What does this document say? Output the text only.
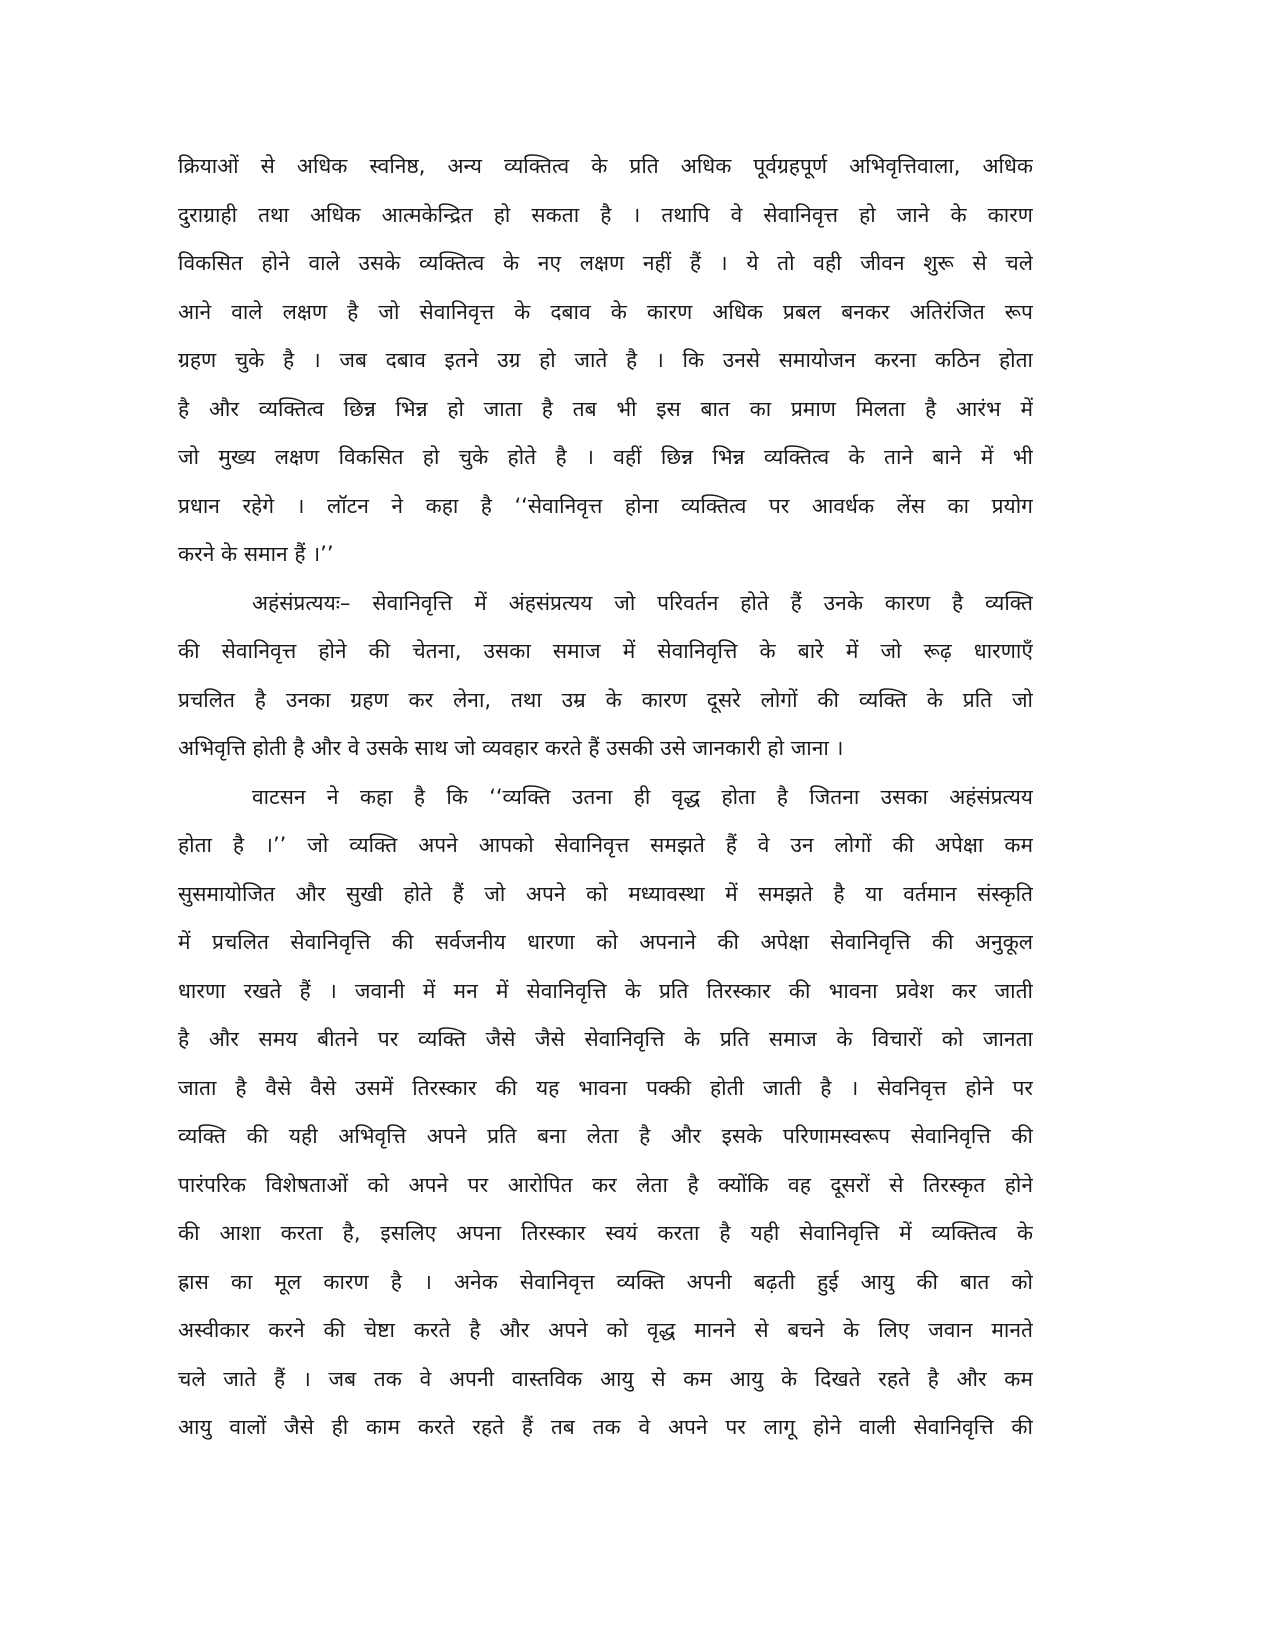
क्रियाओं से अधिक स्वनिष्ठ, अन्य व्यक्तित्व के प्रति अधिक पूर्वग्रहपूर्ण अभिवृत्तिवाला, अधिक
दुराग्राही तथा अधिक आत्मकेन्द्रित हो सकता है । तथापि वे सेवानिवृत्त हो जाने के कारण
विकसित होने वाले उसके व्यक्तित्व के नए लक्षण नहीं हैं । ये तो वही जीवन शुरू से चले
आने वाले लक्षण है जो सेवानिवृत्त के दबाव के कारण अधिक प्रबल बनकर अतिरंजित रूप
ग्रहण चुके है । जब दबाव इतने उग्र हो जाते है । कि उनसे समायोजन करना कठिन होता
है और व्यक्तित्व छिन्न भिन्न हो जाता है तब भी इस बात का प्रमाण मिलता है आरंभ में
जो मुख्य लक्षण विकसित हो चुके होते है । वहीं छिन्न भिन्न व्यक्तित्व के ताने बाने में भी
प्रधान रहेगे । लॉटन ने कहा है ‘‘सेवानिवृत्त होना व्यक्तित्व पर आवर्धक लेंस का प्रयोग
करने के समान हैं ।’’
अहंसंप्रत्ययः– सेवानिवृत्ति में अंहसंप्रत्यय जो परिवर्तन होते हैं उनके कारण है व्यक्ति
की सेवानिवृत्त होने की चेतना, उसका समाज में सेवानिवृत्ति के बारे में जो रूढ़ धारणाएँ
प्रचलित है उनका ग्रहण कर लेना, तथा उम्र के कारण दूसरे लोगों की व्यक्ति के प्रति जो
अभिवृत्ति होती है और वे उसके साथ जो व्यवहार करते हैं उसकी उसे जानकारी हो जाना ।
वाटसन ने कहा है कि ‘‘व्यक्ति उतना ही वृद्ध होता है जितना उसका अहंसंप्रत्यय
होता है ।’’ जो व्यक्ति अपने आपको सेवानिवृत्त समझते हैं वे उन लोगों की अपेक्षा कम
सुसमायोजित और सुखी होते हैं जो अपने को मध्यावस्था में समझते है या वर्तमान संस्कृति
में प्रचलित सेवानिवृत्ति की सर्वजनीय धारणा को अपनाने की अपेक्षा सेवानिवृत्ति की अनुकूल
धारणा रखते हैं । जवानी में मन में सेवानिवृत्ति के प्रति तिरस्कार की भावना प्रवेश कर जाती
है और समय बीतने पर व्यक्ति जैसे जैसे सेवानिवृत्ति के प्रति समाज के विचारों को जानता
जाता है वैसे वैसे उसमें तिरस्कार की यह भावना पक्की होती जाती है । सेवनिवृत्त होने पर
व्यक्ति की यही अभिवृत्ति अपने प्रति बना लेता है और इसके परिणामस्वरूप सेवानिवृत्ति की
पारंपरिक विशेषताओं को अपने पर आरोपित कर लेता है क्योंकि वह दूसरों से तिरस्कृत होने
की आशा करता है, इसलिए अपना तिरस्कार स्वयं करता है यही सेवानिवृत्ति में व्यक्तित्व के
ह्रास का मूल कारण है । अनेक सेवानिवृत्त व्यक्ति अपनी बढ़ती हुई आयु की बात को
अस्वीकार करने की चेष्टा करते है और अपने को वृद्ध मानने से बचने के लिए जवान मानते
चले जाते हैं । जब तक वे अपनी वास्तविक आयु से कम आयु के दिखते रहते है और कम
आयु वालों जैसे ही काम करते रहते हैं तब तक वे अपने पर लागू होने वाली सेवानिवृत्ति की
